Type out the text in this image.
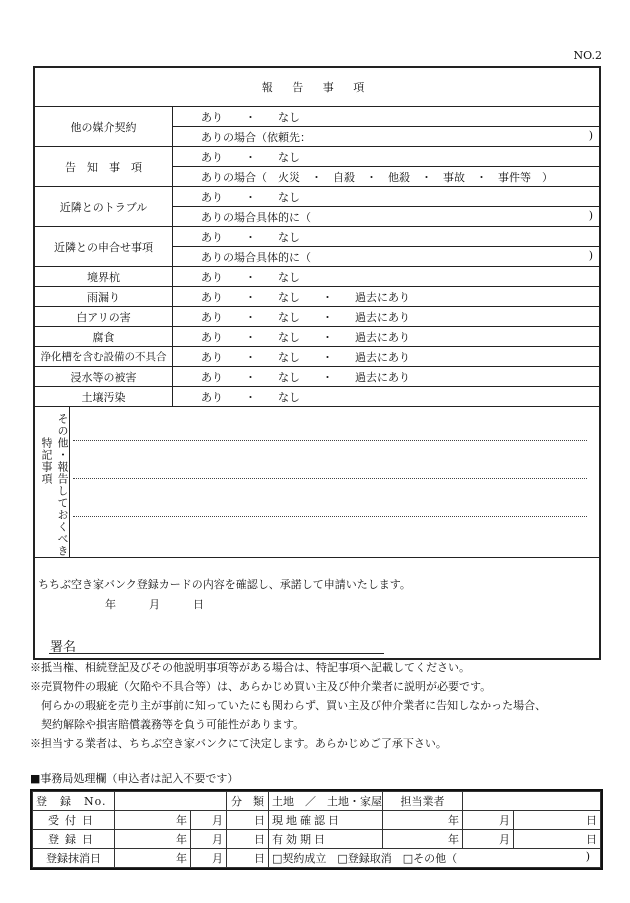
NO.2
報 告 事 項	
他の媒介契約	あり　　・　　なし
	ありの場合（依頼先： )

告　知　事　項	あり　　・　　なし
	ありの場合（　火災　・　自殺　・　他殺　・　事故　・　事件等　）
近隣とのトラブル	あり　　・　　なし
	ありの場合具体的に（ )

近隣との申合せ事項	あり　　・　　なし
	ありの場合具体的に（ )

境界杭	あり　　・　　なし
雨漏り	あり　　・　　なし　　・　　過去にあり
白アリの害	あり　　・　　なし　　・　　過去にあり
腐食	あり　　・　　なし　　・　　過去にあり
浄化槽を含む設備の不具合	あり　　・　　なし　　・　　過去にあり
浸水等の被害	あり　　・　　なし　　・　　過去にあり
土壌汚染	あり　　・　　なし

特記事項 その他・報告しておくべき	

ちちぶ空き家バンク登録カードの内容を確認し、承諾して申請いたします。
年　　　月　　　日
署名	
※抵当権、相続登記及びその他説明事項等がある場合は、特記事項へ記載してください。
※売買物件の瑕疵（欠陥や不具合等）は、あらかじめ買い主及び仲介業者に説明が必要です。
　何らかの瑕疵を売り主が事前に知っていたにも関わらず、買い主及び仲介業者に告知しなかった場合、
　契約解除や損害賠償義務等を負う可能性があります。
※担当する業者は、ちちぶ空き家バンクにて決定します。あらかじめご了承下さい。
■事務局処理欄（申込者は記入不要です）
登　録　No.			分　類	土地　／　土地・家屋	担当業者		
受付日	年	月	日	現地確認日	年	月	日
登録日	年	月	日	有効期日	年	月	日
登録抹消日	年	月	日	□契約成立　□登録取消　□その他（ )			
